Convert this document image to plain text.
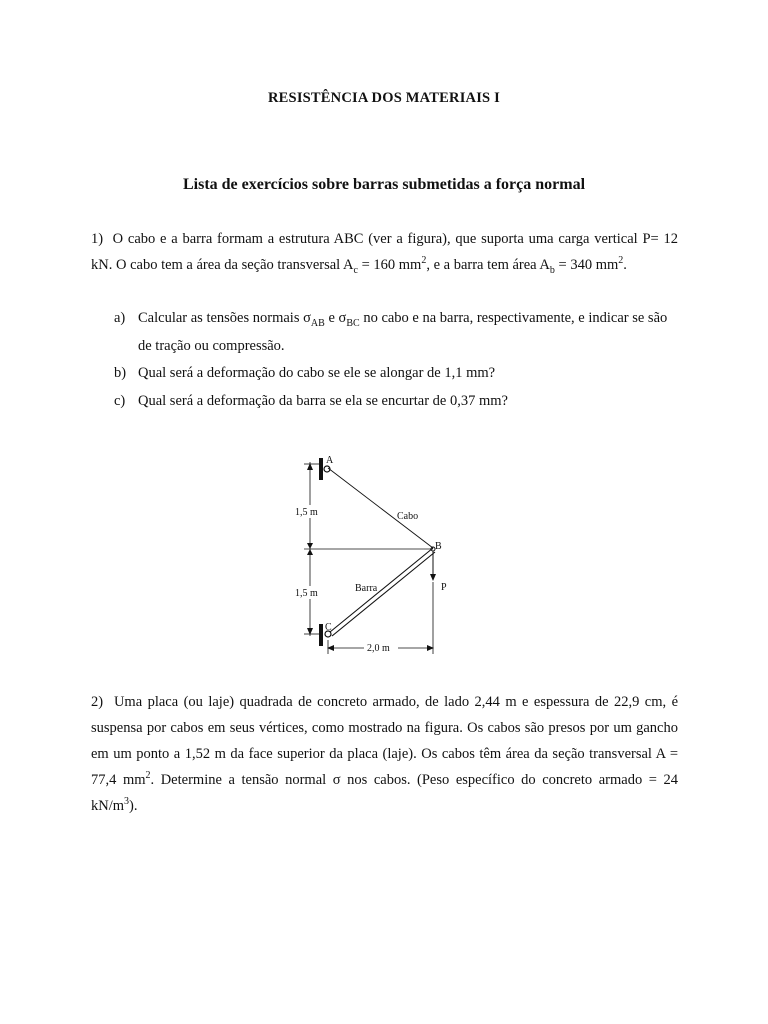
RESISTÊNCIA DOS MATERIAIS I
Lista de exercícios sobre barras submetidas a força normal
1) O cabo e a barra formam a estrutura ABC (ver a figura), que suporta uma carga vertical P= 12 kN. O cabo tem a área da seção transversal $A_c = 160$ $mm^2$, e a barra tem área $A_b = 340$ $mm^2$.
a) Calcular as tensões normais $\sigma_{AB}$ e $\sigma_{BC}$ no cabo e na barra, respectivamente, e indicar se são de tração ou compressão.
b) Qual será a deformação do cabo se ele se alongar de 1,1 mm?
c) Qual será a deformação da barra se ela se encurtar de 0,37 mm?
A
B
C
P
Cabo
Barra
1,5 m
1,5 m
2,0 m
2) Uma placa (ou laje) quadrada de concreto armado, de lado 2,44 m e espessura de 22,9 cm, é suspensa por cabos em seus vértices, como mostrado na figura. Os cabos são presos por um gancho em um ponto a 1,52 m da face superior da placa (laje). Os cabos têm área da seção transversal A = 77,4 $mm^2$. Determine a tensão normal σ nos cabos. (Peso específico do concreto armado = 24 $kN/m^3$).
